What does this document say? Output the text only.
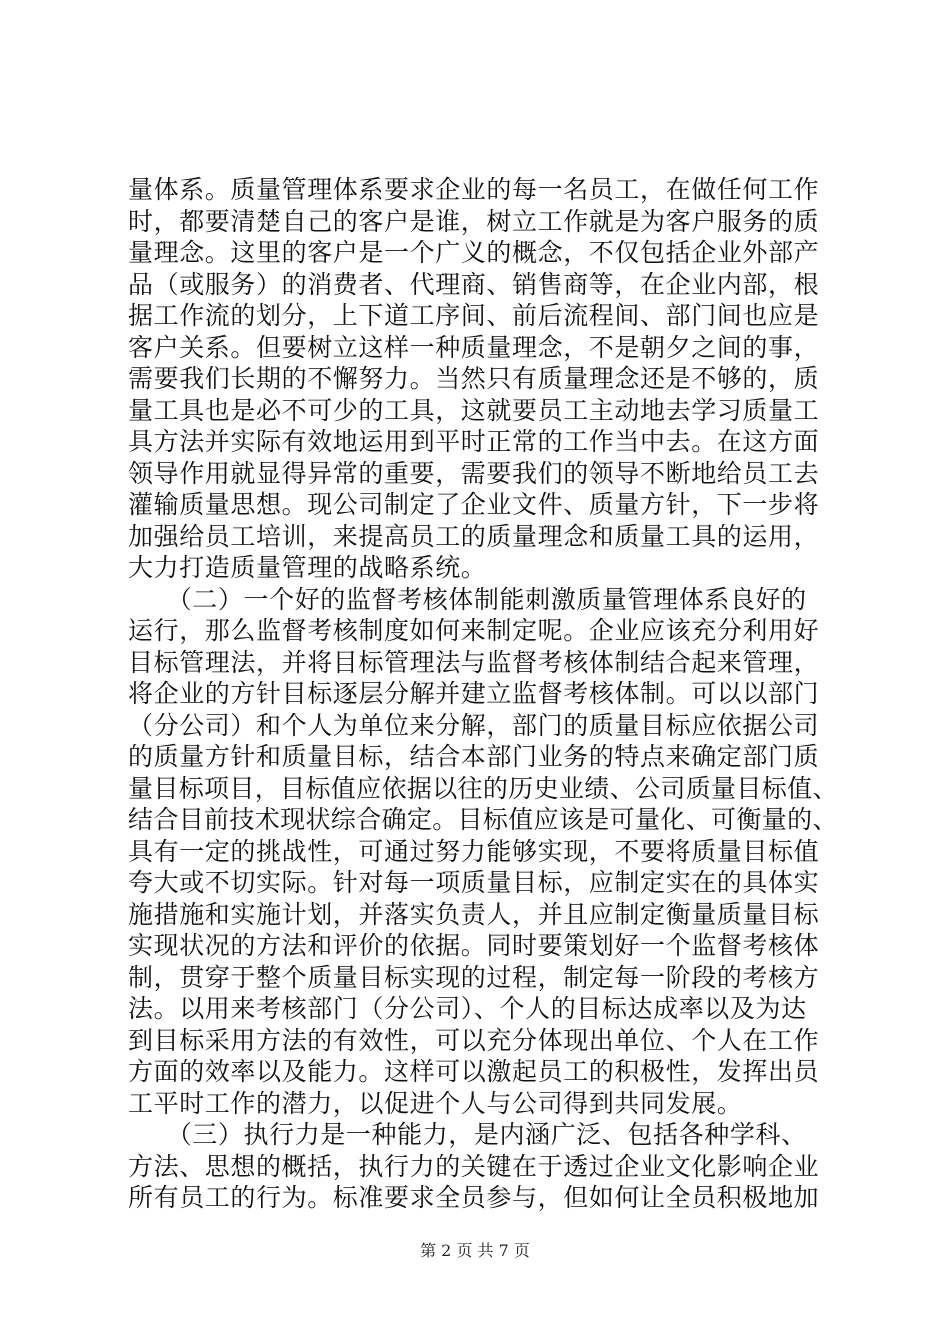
量体系。质量管理体系要求企业的每一名员工，在做任何工作
时，都要清楚自己的客户是谁，树立工作就是为客户服务的质
量理念。这里的客户是一个广义的概念，不仅包括企业外部产
品（或服务）的消费者、代理商、销售商等，在企业内部，根
据工作流的划分，上下道工序间、前后流程间、部门间也应是
客户关系。但要树立这样一种质量理念，不是朝夕之间的事，
需要我们长期的不懈努力。当然只有质量理念还是不够的，质
量工具也是必不可少的工具，这就要员工主动地去学习质量工
具方法并实际有效地运用到平时正常的工作当中去。在这方面
领导作用就显得异常的重要，需要我们的领导不断地给员工去
灌输质量思想。现公司制定了企业文件、质量方针，下一步将
加强给员工培训，来提高员工的质量理念和质量工具的运用，
大力打造质量管理的战略系统。
　　（二）一个好的监督考核体制能刺激质量管理体系良好的
运行，那么监督考核制度如何来制定呢。企业应该充分利用好
目标管理法，并将目标管理法与监督考核体制结合起来管理，
将企业的方针目标逐层分解并建立监督考核体制。可以以部门
（分公司）和个人为单位来分解，部门的质量目标应依据公司
的质量方针和质量目标，结合本部门业务的特点来确定部门质
量目标项目，目标值应依据以往的历史业绩、公司质量目标值、
结合目前技术现状综合确定。目标值应该是可量化、可衡量的、
具有一定的挑战性，可通过努力能够实现，不要将质量目标值
夸大或不切实际。针对每一项质量目标，应制定实在的具体实
施措施和实施计划，并落实负责人，并且应制定衡量质量目标
实现状况的方法和评价的依据。同时要策划好一个监督考核体
制，贯穿于整个质量目标实现的过程，制定每一阶段的考核方
法。以用来考核部门（分公司）、个人的目标达成率以及为达
到目标采用方法的有效性，可以充分体现出单位、个人在工作
方面的效率以及能力。这样可以激起员工的积极性，发挥出员
工平时工作的潜力，以促进个人与公司得到共同发展。
　　（三）执行力是一种能力，是内涵广泛、包括各种学科、
方法、思想的概括，执行力的关键在于透过企业文化影响企业
所有员工的行为。标准要求全员参与，但如何让全员积极地加
第 2 页 共 7 页
